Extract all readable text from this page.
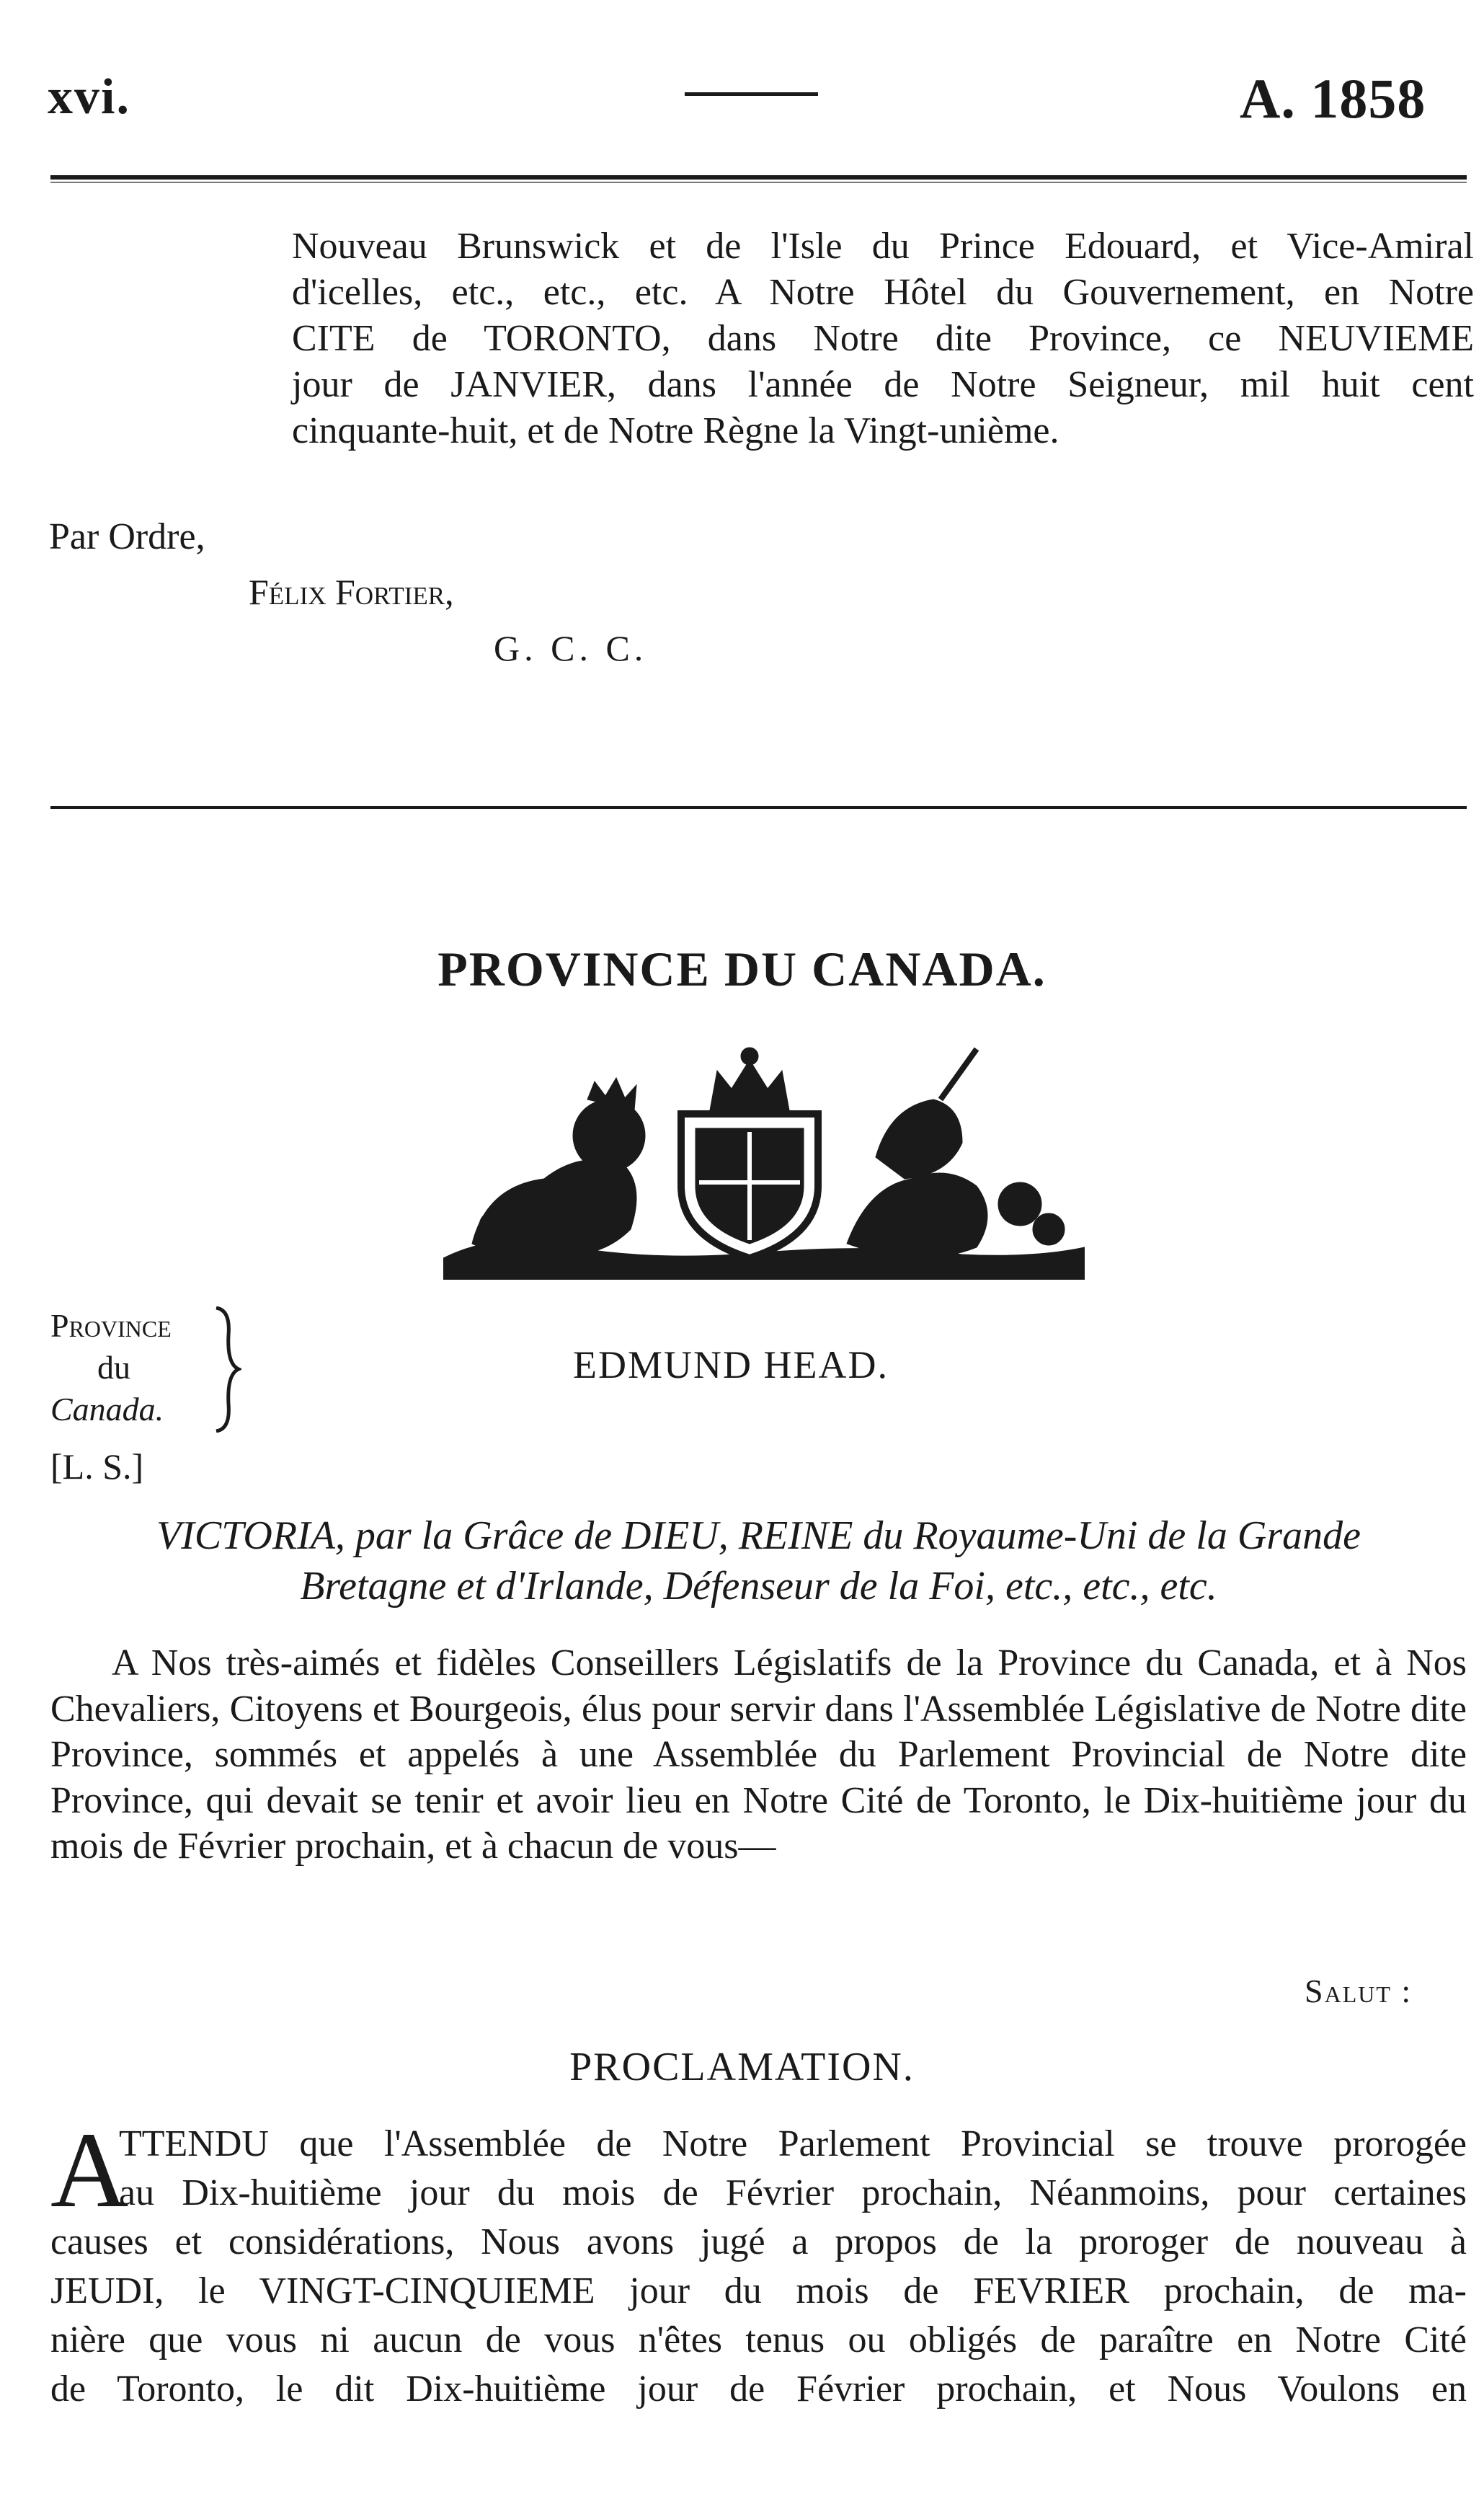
xvi.	A. 1858
Nouveau Brunswick et de l'Isle du Prince Edouard, et Vice-Amiral
d'icelles, etc., etc., etc. A Notre Hôtel du Gouvernement, en Notre
CITE de TORONTO, dans Notre dite Province, ce NEUVIEME
jour de JANVIER, dans l'année de Notre Seigneur, mil huit cent
cinquante-huit, et de Notre Règne la Vingt-unième.
Par Ordre,
Félix Fortier,
G. C. C.
PROVINCE DU CANADA.
Province
du
Canada.
EDMUND HEAD.
[L. S.]
VICTORIA, par la Grâce de DIEU, REINE du Royaume-Uni de la Grande
Bretagne et d'Irlande, Défenseur de la Foi, etc., etc., etc.
A Nos très-aimés et fidèles Conseillers Législatifs de la Province du Canada, et à Nos Chevaliers, Citoyens et Bourgeois, élus pour servir dans l'Assemblée Législative de Notre dite Province, sommés et appelés à une Assemblée du Parlement Provincial de Notre dite Province, qui devait se tenir et avoir lieu en Notre Cité de Toronto, le Dix-huitième jour du mois de Février prochain, et à chacun de vous—
Salut :
PROCLAMATION.
A
TTENDU que l'Assemblée de Notre Parlement Provincial se trouve prorogée
au Dix-huitième jour du mois de Février prochain, Néanmoins, pour certaines
causes et considérations, Nous avons jugé a propos de la proroger de nouveau à
JEUDI, le VINGT-CINQUIEME jour du mois de FEVRIER prochain, de ma-
nière que vous ni aucun de vous n'êtes tenus ou obligés de paraître en Notre Cité
de Toronto, le dit Dix-huitième jour de Février prochain, et Nous Voulons en
